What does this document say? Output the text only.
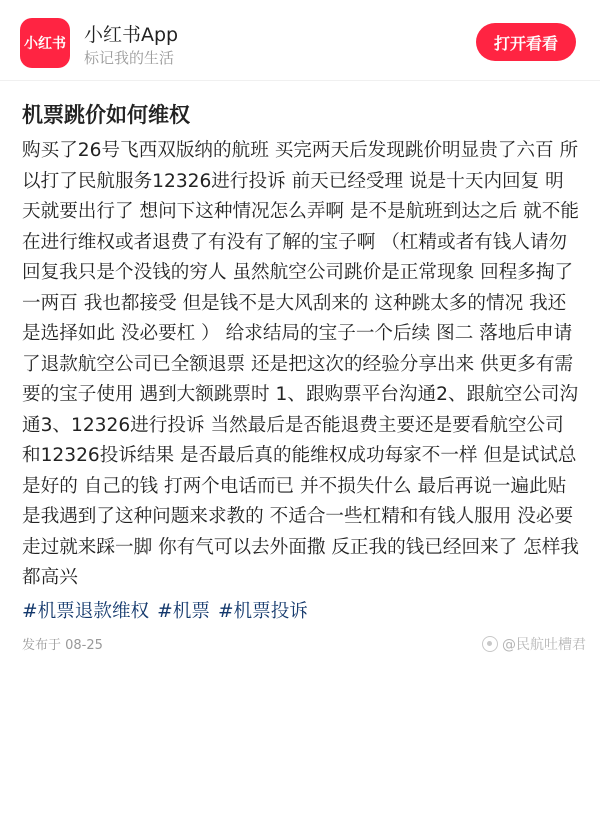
小红书 小红书App
标记我的生活
打开看看
机票跳价如何维权

购买了26号飞西双版纳的航班 买完两天后发现跳价明显贵了六百 所以打了民航服务12326进行投诉 前天已经受理 说是十天内回复 明天就要出行了 想问下这种情况怎么弄啊 是不是航班到达之后 就不能在进行维权或者退费了有没有了解的宝子啊 （杠精或者有钱人请勿回复我只是个没钱的穷人 虽然航空公司跳价是正常现象 回程多掏了一两百 我也都接受 但是钱不是大风刮来的 这种跳太多的情况 我还是选择如此 没必要杠 ） 给求结局的宝子一个后续 图二 落地后申请了退款航空公司已全额退票 还是把这次的经验分享出来 供更多有需要的宝子使用 遇到大额跳票时 1、跟购票平台沟通2、跟航空公司沟通3、12326进行投诉 当然最后是否能退费主要还是要看航空公司和12326投诉结果 是否最后真的能维权成功每家不一样 但是试试总是好的 自己的钱 打两个电话而已 并不损失什么 最后再说一遍此贴是我遇到了这种问题来求教的 不适合一些杠精和有钱人服用 没必要走过就来踩一脚 你有气可以去外面撒 反正我的钱已经回来了 怎样我都高兴

#机票退款维权 #机票 #机票投诉
发布于 08-25	@民航吐槽君
